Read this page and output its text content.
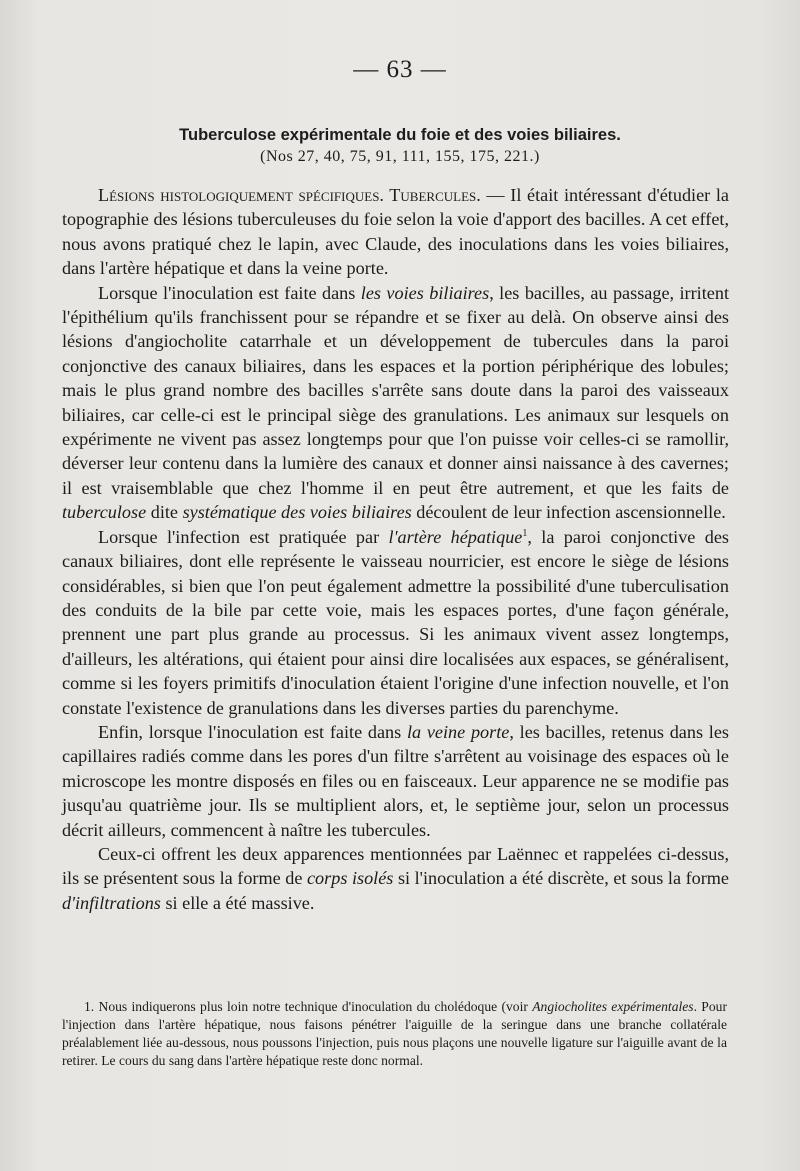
— 63 —
Tuberculose expérimentale du foie et des voies biliaires.
(Nos 27, 40, 75, 91, 111, 155, 175, 221.)

Lésions histologiquement spécifiques. Tubercules. — Il était intéressant d'étudier la topographie des lésions tuberculeuses du foie selon la voie d'apport des bacilles. A cet effet, nous avons pratiqué chez le lapin, avec Claude, des inoculations dans les voies biliaires, dans l'artère hépatique et dans la veine porte.

Lorsque l'inoculation est faite dans les voies biliaires, les bacilles, au passage, irritent l'épithélium qu'ils franchissent pour se répandre et se fixer au delà. On observe ainsi des lésions d'angiocholite catarrhale et un développement de tubercules dans la paroi conjonctive des canaux biliaires, dans les espaces et la portion périphérique des lobules; mais le plus grand nombre des bacilles s'arrête sans doute dans la paroi des vaisseaux biliaires, car celle-ci est le principal siège des granulations. Les animaux sur lesquels on expérimente ne vivent pas assez longtemps pour que l'on puisse voir celles-ci se ramollir, déverser leur contenu dans la lumière des canaux et donner ainsi naissance à des cavernes; il est vraisemblable que chez l'homme il en peut être autrement, et que les faits de tuberculose dite systématique des voies biliaires découlent de leur infection ascensionnelle.

Lorsque l'infection est pratiquée par l'artère hépatique$^1$, la paroi conjonctive des canaux biliaires, dont elle représente le vaisseau nourricier, est encore le siège de lésions considérables, si bien que l'on peut également admettre la possibilité d'une tuberculisation des conduits de la bile par cette voie, mais les espaces portes, d'une façon générale, prennent une part plus grande au processus. Si les animaux vivent assez longtemps, d'ailleurs, les altérations, qui étaient pour ainsi dire localisées aux espaces, se généralisent, comme si les foyers primitifs d'inoculation étaient l'origine d'une infection nouvelle, et l'on constate l'existence de granulations dans les diverses parties du parenchyme.

Enfin, lorsque l'inoculation est faite dans la veine porte, les bacilles, retenus dans les capillaires radiés comme dans les pores d'un filtre s'arrêtent au voisinage des espaces où le microscope les montre disposés en files ou en faisceaux. Leur apparence ne se modifie pas jusqu'au quatrième jour. Ils se multiplient alors, et, le septième jour, selon un processus décrit ailleurs, commencent à naître les tubercules.

Ceux-ci offrent les deux apparences mentionnées par Laënnec et rappelées ci-dessus, ils se présentent sous la forme de corps isolés si l'inoculation a été discrète, et sous la forme d'infiltrations si elle a été massive.

1. Nous indiquerons plus loin notre technique d'inoculation du cholédoque (voir Angiocholites expérimentales. Pour l'injection dans l'artère hépatique, nous faisons pénétrer l'aiguille de la seringue dans une branche collatérale préalablement liée au-dessous, nous poussons l'injection, puis nous plaçons une nouvelle ligature sur l'aiguille avant de la retirer. Le cours du sang dans l'artère hépatique reste donc normal.
